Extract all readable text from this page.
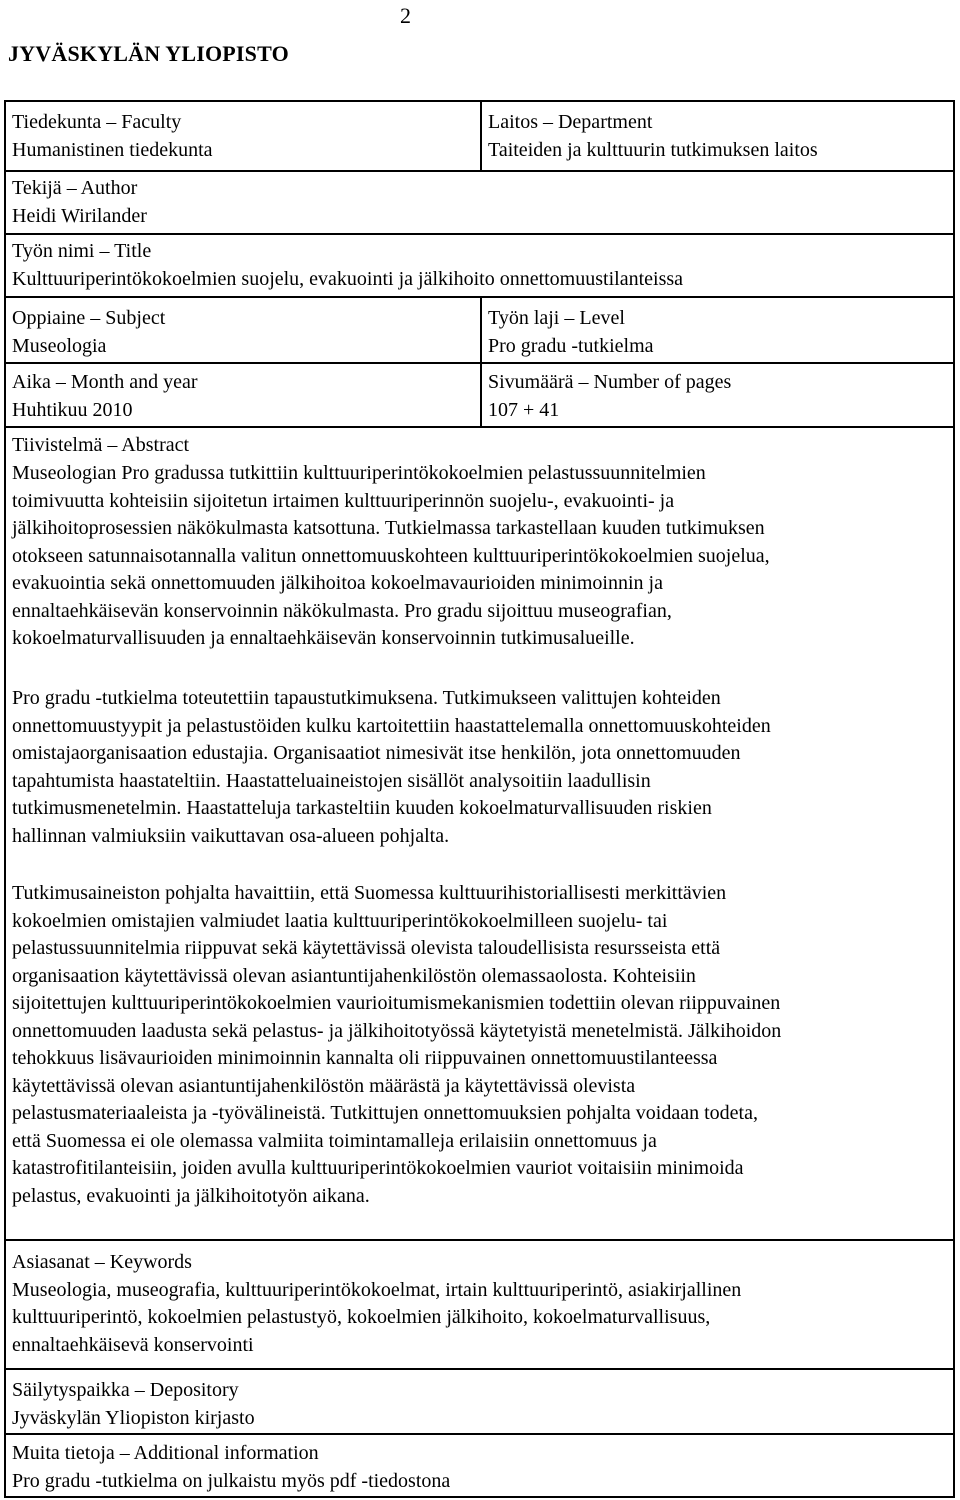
2
JYVÄSKYLÄN YLIOPISTO
Tiedekunta – Faculty
Humanistinen tiedekunta
Laitos – Department
Taiteiden ja kulttuurin tutkimuksen laitos
Tekijä – Author
Heidi Wirilander
Työn nimi – Title
Kulttuuriperintökokoelmien suojelu, evakuointi ja jälkihoito onnettomuustilanteissa
Oppiaine – Subject
Museologia
Työn laji – Level
Pro gradu -tutkielma
Aika – Month and year
Huhtikuu 2010
Sivumäärä – Number of pages
107 + 41
Tiivistelmä – Abstract
Museologian Pro gradussa tutkittiin kulttuuriperintökokoelmien pelastussuunnitelmien
toimivuutta kohteisiin sijoitetun irtaimen kulttuuriperinnön suojelu-, evakuointi- ja
jälkihoitoprosessien näkökulmasta katsottuna. Tutkielmassa tarkastellaan kuuden tutkimuksen
otokseen satunnaisotannalla valitun onnettomuuskohteen kulttuuriperintökokoelmien suojelua,
evakuointia sekä onnettomuuden jälkihoitoa kokoelmavaurioiden minimoinnin ja
ennaltaehkäisevän konservoinnin näkökulmasta. Pro gradu sijoittuu museografian,
kokoelmaturvallisuuden ja ennaltaehkäisevän konservoinnin tutkimusalueille.
Pro gradu -tutkielma toteutettiin tapaustutkimuksena. Tutkimukseen valittujen kohteiden
onnettomuustyypit ja pelastustöiden kulku kartoitettiin haastattelemalla onnettomuuskohteiden
omistajaorganisaation edustajia. Organisaatiot nimesivät itse henkilön, jota onnettomuuden
tapahtumista haastateltiin. Haastatteluaineistojen sisällöt analysoitiin laadullisin
tutkimusmenetelmin. Haastatteluja tarkasteltiin kuuden kokoelmaturvallisuuden riskien
hallinnan valmiuksiin vaikuttavan osa-alueen pohjalta.
Tutkimusaineiston pohjalta havaittiin, että Suomessa kulttuurihistoriallisesti merkittävien
kokoelmien omistajien valmiudet laatia kulttuuriperintökokoelmilleen suojelu- tai
pelastussuunnitelmia riippuvat sekä käytettävissä olevista taloudellisista resursseista että
organisaation käytettävissä olevan asiantuntijahenkilöstön olemassaolosta. Kohteisiin
sijoitettujen kulttuuriperintökokoelmien vaurioitumismekanismien todettiin olevan riippuvainen
onnettomuuden laadusta sekä pelastus- ja jälkihoitotyössä käytetyistä menetelmistä. Jälkihoidon
tehokkuus lisävaurioiden minimoinnin kannalta oli riippuvainen onnettomuustilanteessa
käytettävissä olevan asiantuntijahenkilöstön määrästä ja käytettävissä olevista
pelastusmateriaaleista ja -työvälineistä. Tutkittujen onnettomuuksien pohjalta voidaan todeta,
että Suomessa ei ole olemassa valmiita toimintamalleja erilaisiin onnettomuus ja
katastrofitilanteisiin, joiden avulla kulttuuriperintökokoelmien vauriot voitaisiin minimoida
pelastus, evakuointi ja jälkihoitotyön aikana.
Asiasanat – Keywords
Museologia, museografia, kulttuuriperintökokoelmat, irtain kulttuuriperintö, asiakirjallinen
kulttuuriperintö, kokoelmien pelastustyö, kokoelmien jälkihoito, kokoelmaturvallisuus,
ennaltaehkäisevä konservointi
Säilytyspaikka – Depository
Jyväskylän Yliopiston kirjasto
Muita tietoja – Additional information
Pro gradu -tutkielma on julkaistu myös pdf -tiedostona
